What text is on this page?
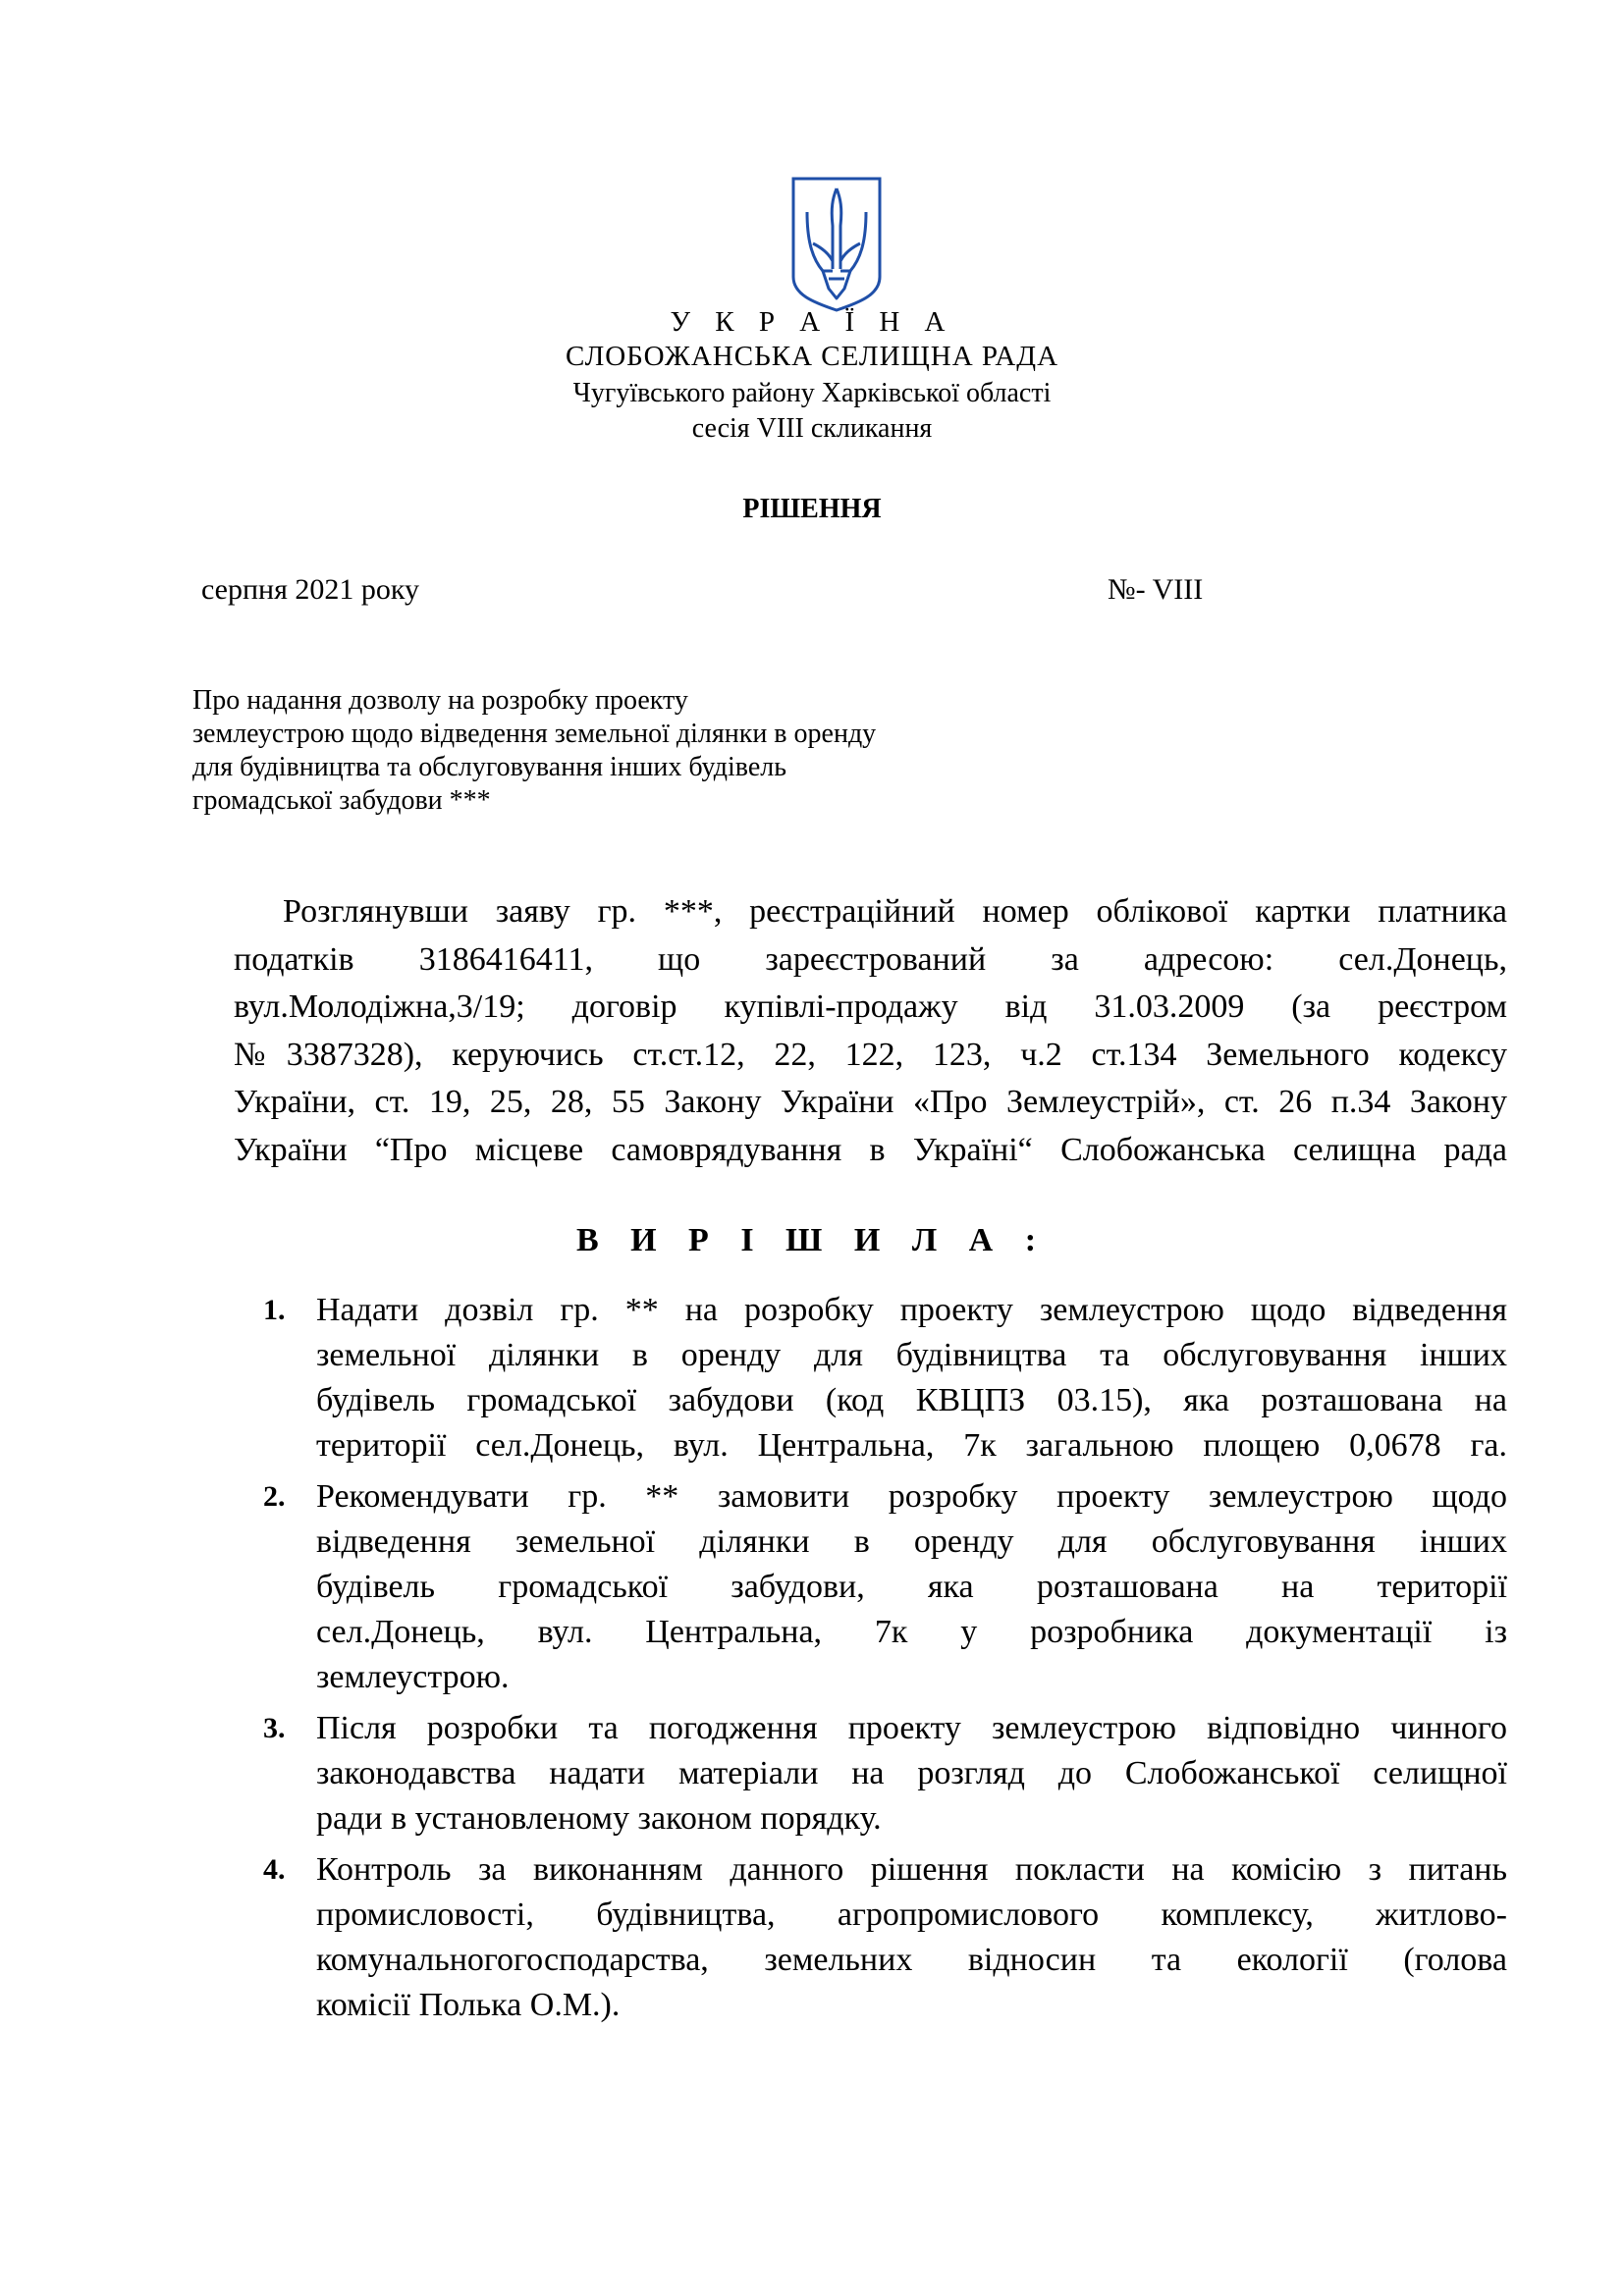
У К Р А Ї Н А
СЛОБОЖАНСЬКА СЕЛИЩНА РАДА
Чугуївського району Харківської області
сесія VIII скликання
РІШЕННЯ
серпня 2021 року	№- VIII
Про надання дозволу на розробку проекту
землеустрою щодо відведення земельної ділянки в оренду
для будівництва та обслуговування інших будівель
громадської забудови ***
Розглянувши заяву гр. ***, реєстраційний номер облікової картки платника
податків 3186416411, що зареєстрований за адресою: сел.Донець,
вул.Молодіжна,3/19; договір купівлі-продажу від 31.03.2009 (за реєстром
№3387328), керуючись ст.ст.12, 22, 122, 123, ч.2 ст.134 Земельного кодексу
України, ст. 19, 25, 28, 55 Закону України «Про Землеустрій», ст. 26 п.34 Закону
України “Про місцеве самоврядування в Україні“ Слобожанська селищна рада
В И Р І Ш И Л А :
1. Надати дозвіл гр. ** на розробку проекту землеустрою щодо відведення
земельної ділянки в оренду для будівництва та обслуговування інших
будівель громадської забудови (код КВЦПЗ 03.15), яка розташована на
території сел.Донець, вул. Центральна, 7к загальною площею 0,0678 га.
2. Рекомендувати гр. ** замовити розробку проекту землеустрою щодо
відведення земельної ділянки в оренду для обслуговування інших
будівель громадської забудови, яка розташована на території
сел.Донець, вул. Центральна, 7к у розробника документації із
землеустрою.
3. Після розробки та погодження проекту землеустрою відповідно чинного
законодавства надати матеріали на розгляд до Слобожанської селищної
ради в установленому законом порядку.
4. Контроль за виконанням данного рішення покласти на комісію з питань
промисловості, будівництва, агропромислового комплексу, житлово-
комунальногогосподарства, земельних відносин та екології (голова
комісії Полька О.М.).
